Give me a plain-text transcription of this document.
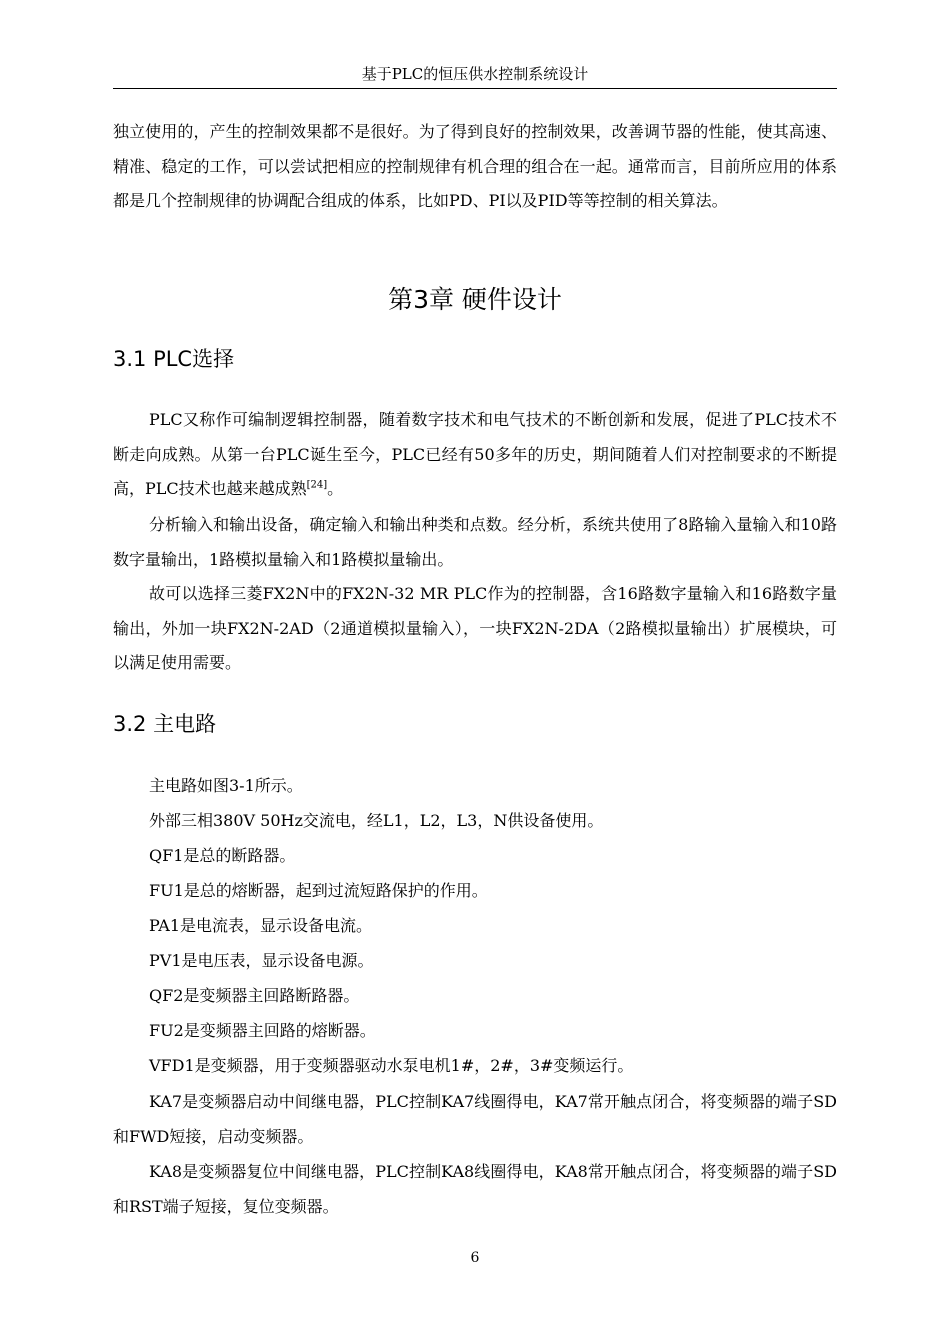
基于PLC的恒压供水控制系统设计

独立使用的，产生的控制效果都不是很好。为了得到良好的控制效果，改善调节器的性能，使其高速、精准、稳定的工作，可以尝试把相应的控制规律有机合理的组合在一起。通常而言，目前所应用的体系都是几个控制规律的协调配合组成的体系，比如PD、PI以及PID等等控制的相关算法。

第3章 硬件设计
3.1 PLC选择

PLC又称作可编制逻辑控制器，随着数字技术和电气技术的不断创新和发展，促进了PLC技术不断走向成熟。从第一台PLC诞生至今，PLC已经有50多年的历史，期间随着人们对控制要求的不断提高，PLC技术也越来越成熟[24]。

分析输入和输出设备，确定输入和输出种类和点数。经分析，系统共使用了8路输入量输入和10路数字量输出，1路模拟量输入和1路模拟量输出。

故可以选择三菱FX2N中的FX2N-32 MR PLC作为的控制器，含16路数字量输入和16路数字量输出，外加一块FX2N-2AD（2通道模拟量输入），一块FX2N-2DA（2路模拟量输出）扩展模块，可以满足使用需要。

3.2 主电路
主电路如图3-1所示。
外部三相380V 50Hz交流电，经L1，L2，L3，N供设备使用。
QF1是总的断路器。
FU1是总的熔断器，起到过流短路保护的作用。
PA1是电流表，显示设备电流。
PV1是电压表，显示设备电源。
QF2是变频器主回路断路器。
FU2是变频器主回路的熔断器。
VFD1是变频器，用于变频器驱动水泵电机1#，2#，3#变频运行。

KA7是变频器启动中间继电器，PLC控制KA7线圈得电，KA7常开触点闭合，将变频器的端子SD和FWD短接，启动变频器。

KA8是变频器复位中间继电器，PLC控制KA8线圈得电，KA8常开触点闭合，将变频器的端子SD和RST端子短接，复位变频器。

6
